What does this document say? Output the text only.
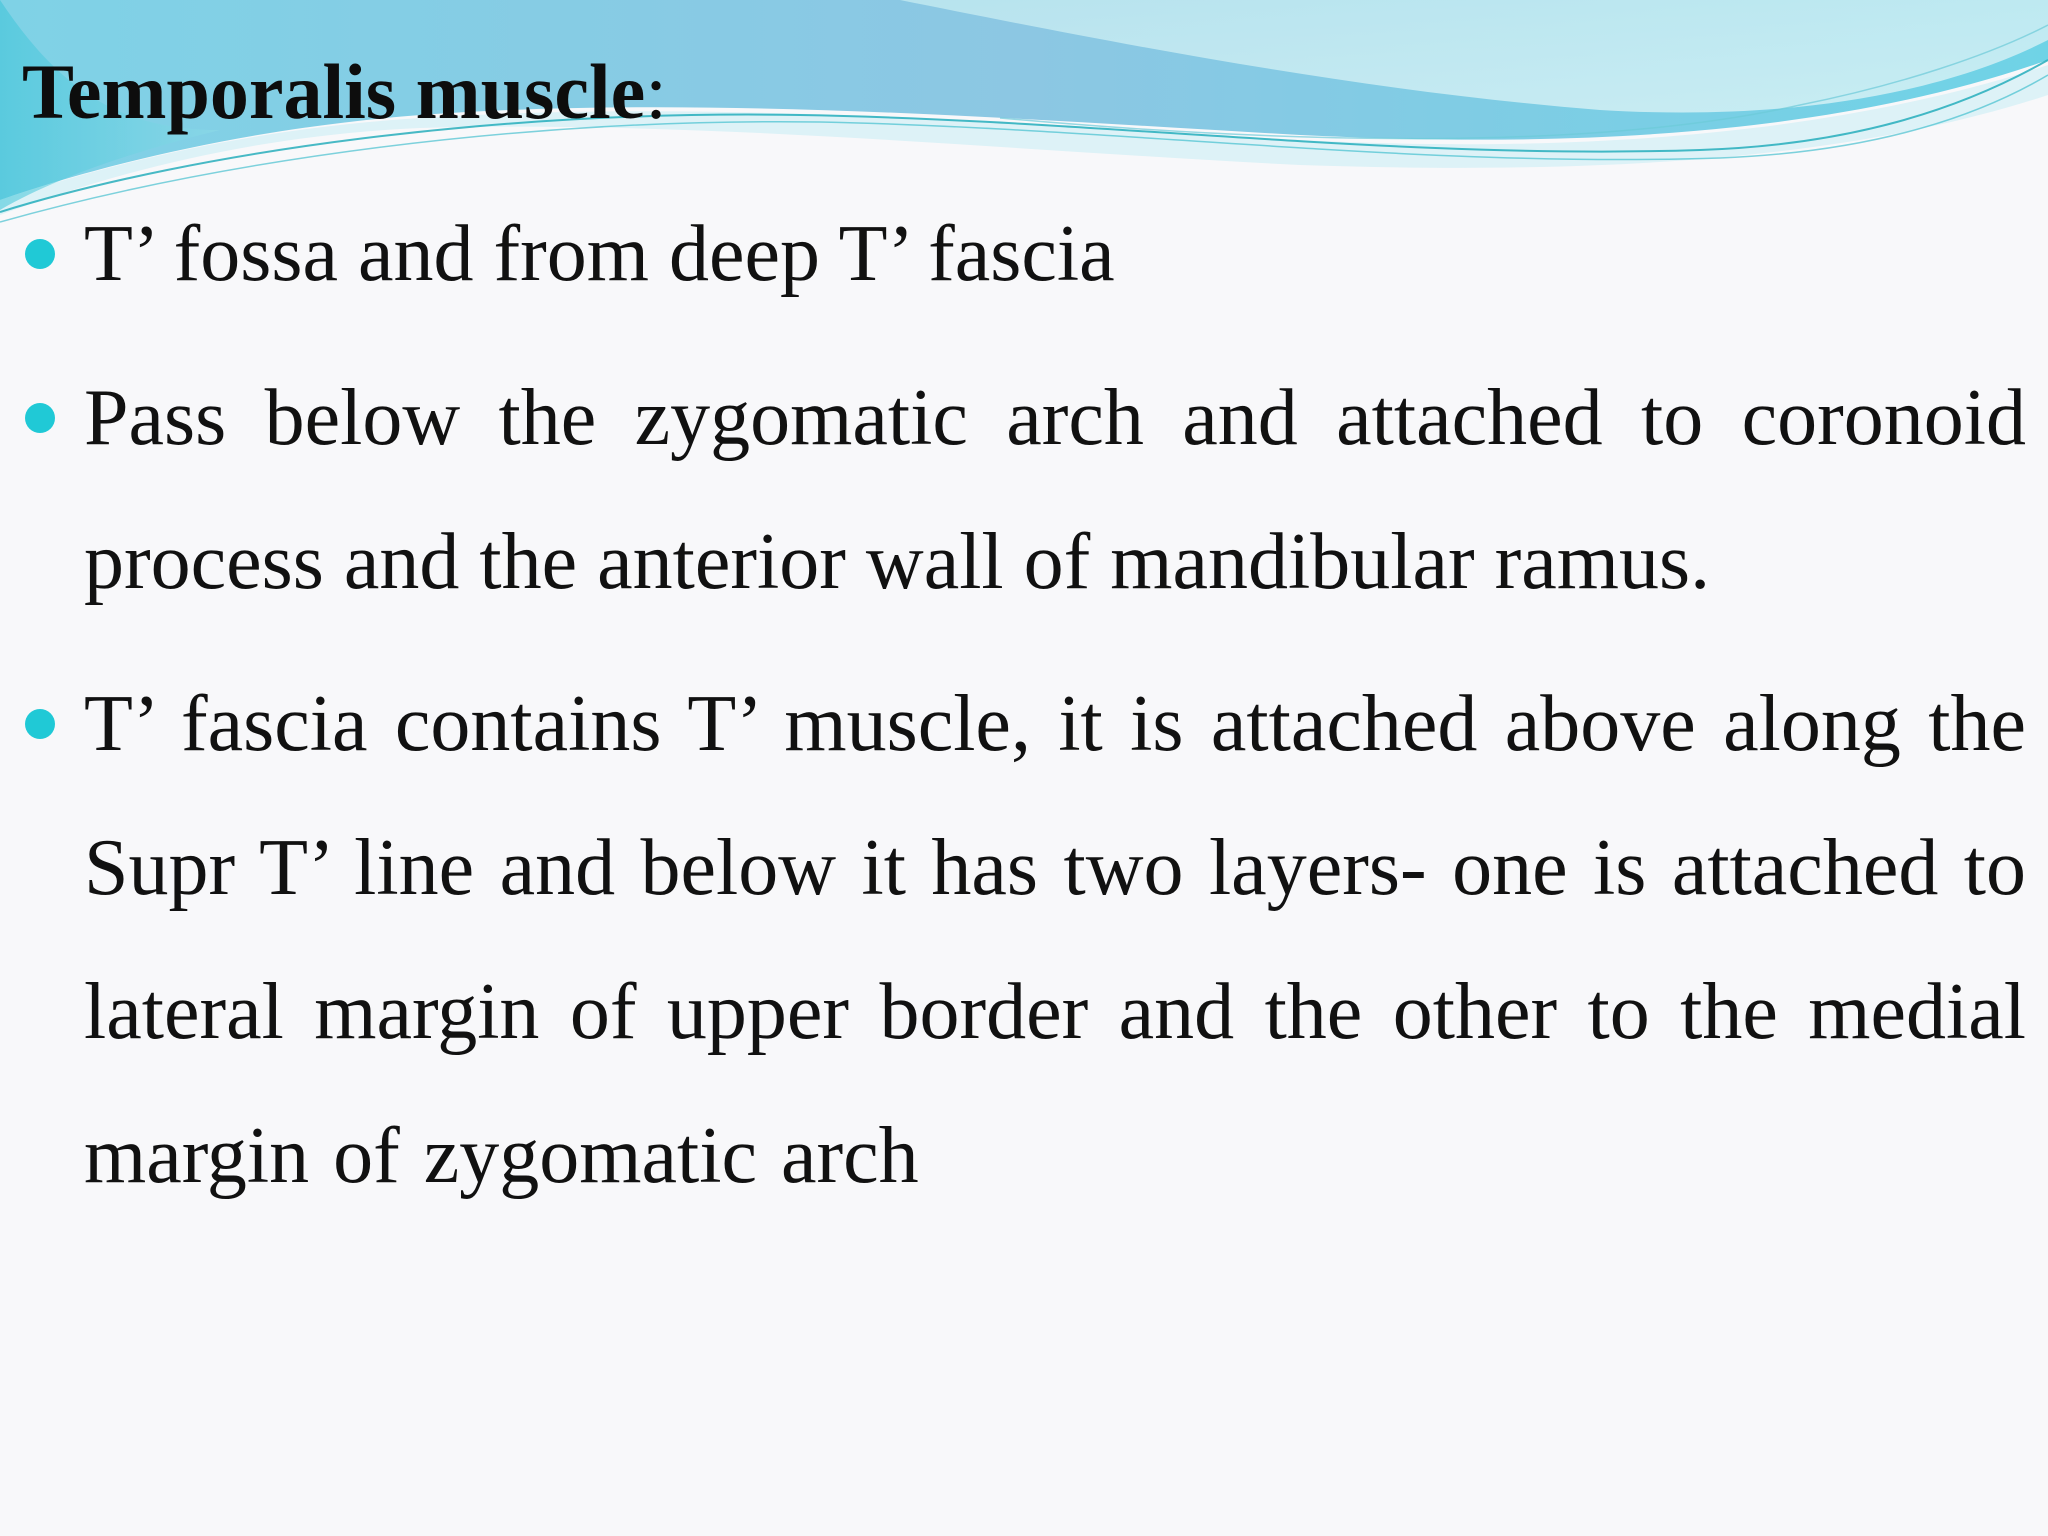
Temporalis muscle:
T’ fossa and from deep T’ fascia
Pass below the zygomatic arch and attached to coronoid process and the anterior wall of mandibular ramus.
T’ fascia contains T’ muscle, it is attached above along the Supr T’ line and below it has two layers- one is attached to lateral margin of upper border and the other to the medial margin of zygomatic arch
